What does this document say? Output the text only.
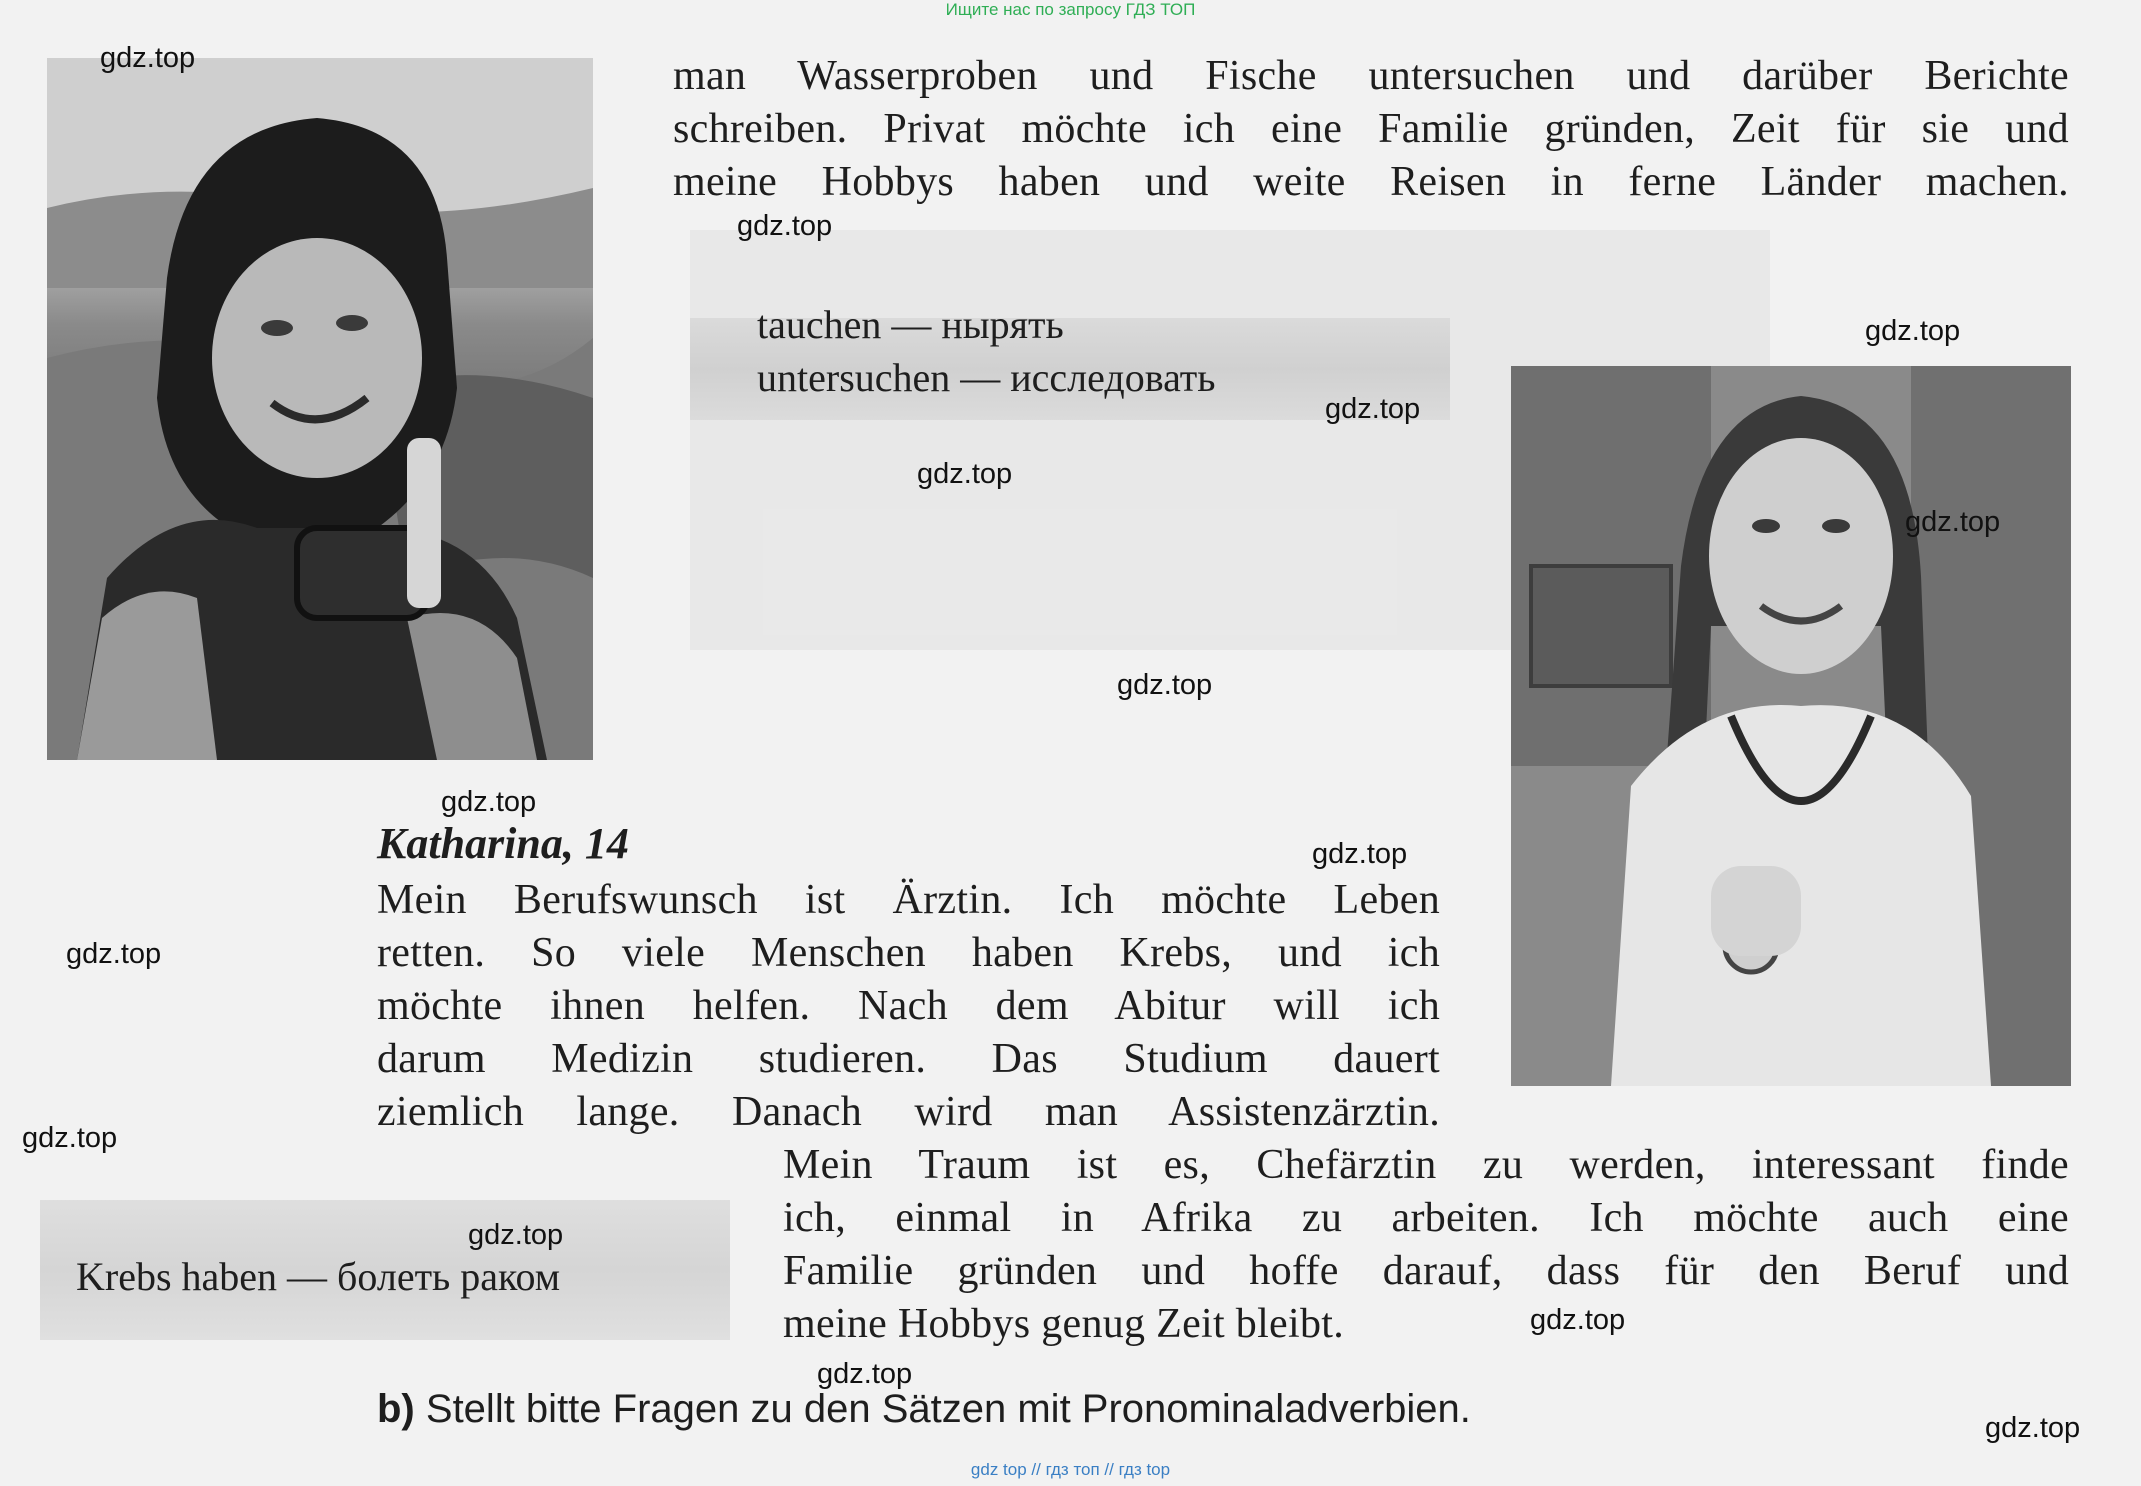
Ищите нас по запросу ГДЗ ТОП

man Wasserproben und Fische untersuchen und darüber Berichte
schreiben. Privat möchte ich eine Familie gründen, Zeit für sie und
meine Hobbys haben und weite Reisen in ferne Länder machen.
tauchen — нырять
untersuchen — исследовать
Katharina, 14
Mein Berufswunsch ist Ärztin. Ich möchte Leben
retten. So viele Menschen haben Krebs, und ich
möchte ihnen helfen. Nach dem Abitur will ich
darum Medizin studieren. Das Studium dauert
ziemlich lange. Danach wird man Assistenzärztin.
Mein Traum ist es, Chefärztin zu werden, interessant finde
ich, einmal in Afrika zu arbeiten. Ich möchte auch eine
Familie gründen und hoffe darauf, dass für den Beruf und
meine Hobbys genug Zeit bleibt.
Krebs haben — болеть раком
b) Stellt bitte Fragen zu den Sätzen mit Pronominaladverbien.
gdz.top
gdz.top
gdz.top
gdz.top
gdz.top
gdz.top
gdz.top
gdz.top
gdz.top
gdz.top
gdz.top
gdz.top
gdz.top
gdz.top
gdz.top
gdz top // гдз топ // гдз top
